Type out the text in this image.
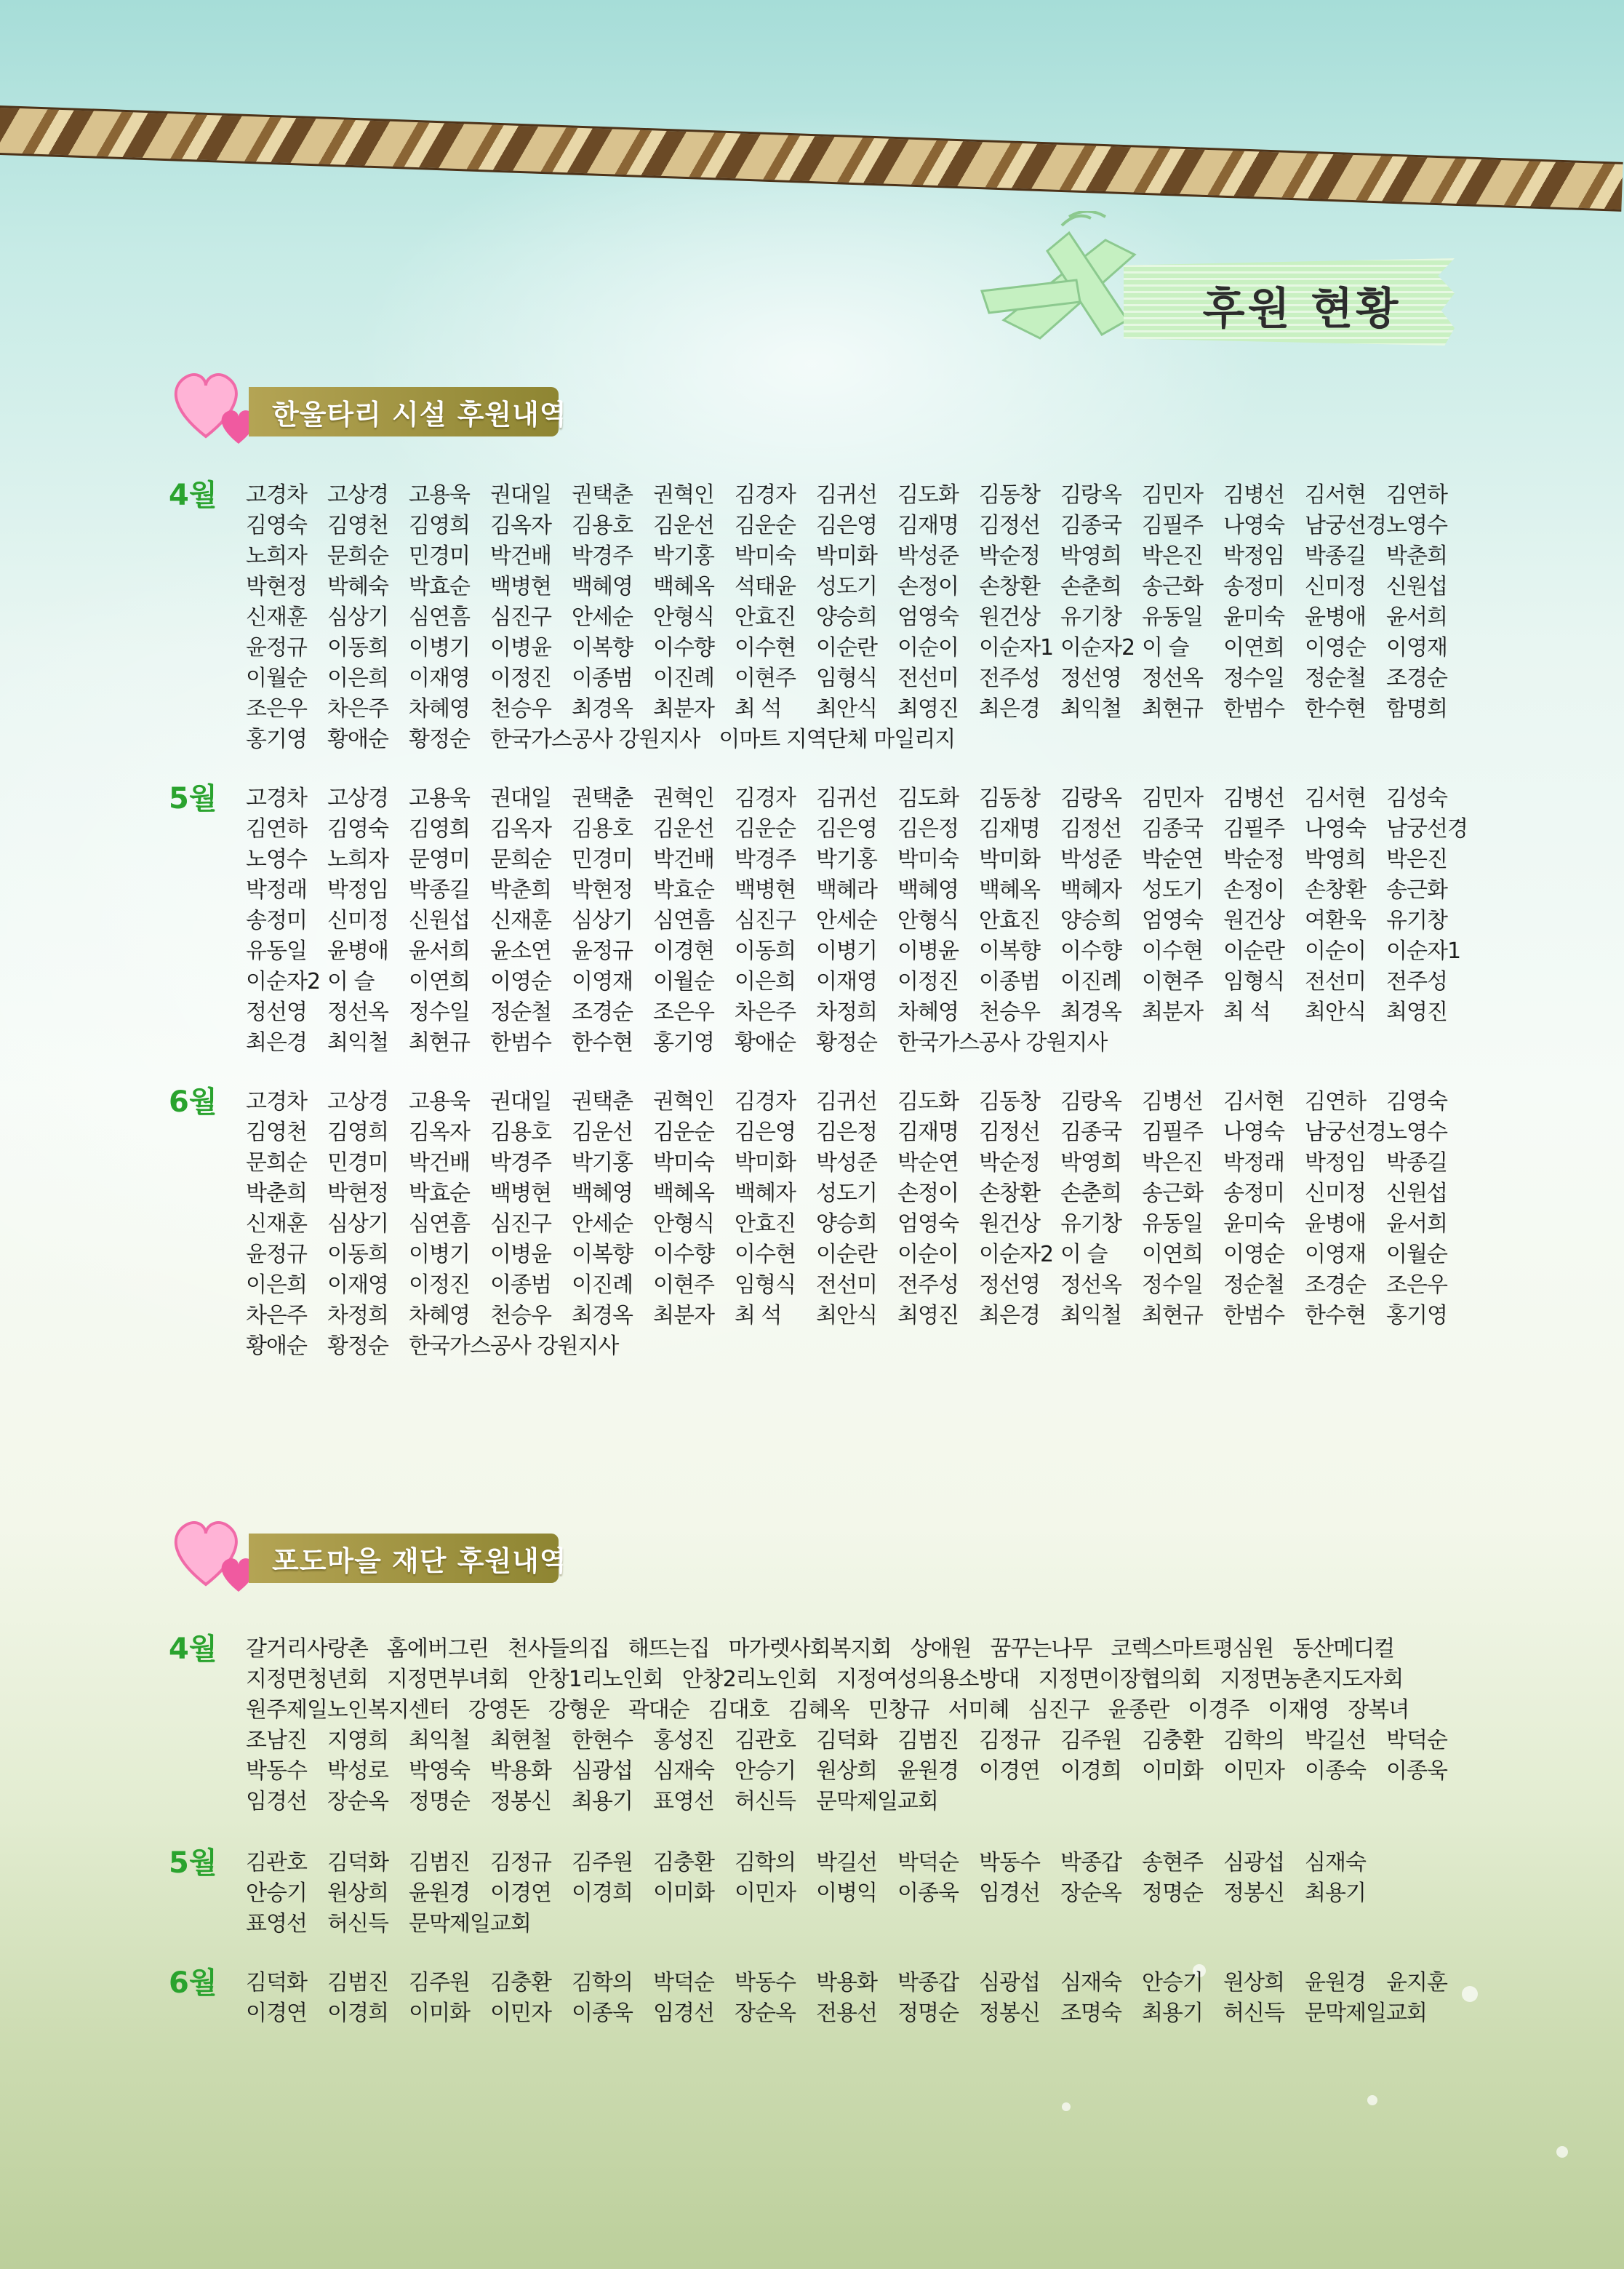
후원 현황
한울타리 시설 후원내역
4월 고경차 고상경 고용욱 권대일 권택춘 권혁인 김경자 김귀선 김도화 김동창 김랑옥 김민자 김병선 김서현 김연하
김영숙 김영천 김영희 김옥자 김용호 김운선 김운순 김은영 김재명 김정선 김종국 김필주 나영숙 남궁선경노영수
노희자 문희순 민경미 박건배 박경주 박기홍 박미숙 박미화 박성준 박순정 박영희 박은진 박정임 박종길 박춘희
박현정 박혜숙 박효순 백병현 백혜영 백혜옥 석태윤 성도기 손정이 손창환 손춘희 송근화 송정미 신미정 신원섭
신재훈 심상기 심연흠 심진구 안세순 안형식 안효진 양승희 엄영숙 원건상 유기창 유동일 윤미숙 윤병애 윤서희
윤정규 이동희 이병기 이병윤 이복향 이수향 이수현 이순란 이순이 이순자1 이순자2 이 슬 이연희 이영순 이영재
이월순 이은희 이재영 이정진 이종범 이진례 이현주 임형식 전선미 전주성 정선영 정선옥 정수일 정순철 조경순
조은우 차은주 차혜영 천승우 최경옥 최분자 최 석 최안식 최영진 최은경 최익철 최현규 한범수 한수현 함명희
홍기영 황애순 황정순 한국가스공사 강원지사 이마트 지역단체 마일리지
5월 고경차 고상경 고용욱 권대일 권택춘 권혁인 김경자 김귀선 김도화 김동창 김랑옥 김민자 김병선 김서현 김성숙
김연하 김영숙 김영희 김옥자 김용호 김운선 김운순 김은영 김은정 김재명 김정선 김종국 김필주 나영숙 남궁선경
노영수 노희자 문영미 문희순 민경미 박건배 박경주 박기홍 박미숙 박미화 박성준 박순연 박순정 박영희 박은진
박정래 박정임 박종길 박춘희 박현정 박효순 백병현 백혜라 백혜영 백혜옥 백혜자 성도기 손정이 손창환 송근화
송정미 신미정 신원섭 신재훈 심상기 심연흠 심진구 안세순 안형식 안효진 양승희 엄영숙 원건상 여환욱 유기창
유동일 윤병애 윤서희 윤소연 윤정규 이경현 이동희 이병기 이병윤 이복향 이수향 이수현 이순란 이순이 이순자1
이순자2 이 슬 이연희 이영순 이영재 이월순 이은희 이재영 이정진 이종범 이진례 이현주 임형식 전선미 전주성
정선영 정선옥 정수일 정순철 조경순 조은우 차은주 차정희 차혜영 천승우 최경옥 최분자 최 석 최안식 최영진
최은경 최익철 최현규 한범수 한수현 홍기영 황애순 황정순 한국가스공사 강원지사
6월 고경차 고상경 고용욱 권대일 권택춘 권혁인 김경자 김귀선 김도화 김동창 김랑옥 김병선 김서현 김연하 김영숙
김영천 김영희 김옥자 김용호 김운선 김운순 김은영 김은정 김재명 김정선 김종국 김필주 나영숙 남궁선경노영수
문희순 민경미 박건배 박경주 박기홍 박미숙 박미화 박성준 박순연 박순정 박영희 박은진 박정래 박정임 박종길
박춘희 박현정 박효순 백병현 백혜영 백혜옥 백혜자 성도기 손정이 손창환 손춘희 송근화 송정미 신미정 신원섭
신재훈 심상기 심연흠 심진구 안세순 안형식 안효진 양승희 엄영숙 원건상 유기창 유동일 윤미숙 윤병애 윤서희
윤정규 이동희 이병기 이병윤 이복향 이수향 이수현 이순란 이순이 이순자2 이 슬 이연희 이영순 이영재 이월순
이은희 이재영 이정진 이종범 이진례 이현주 임형식 전선미 전주성 정선영 정선옥 정수일 정순철 조경순 조은우
차은주 차정희 차혜영 천승우 최경옥 최분자 최 석 최안식 최영진 최은경 최익철 최현규 한범수 한수현 홍기영
황애순 황정순 한국가스공사 강원지사
포도마을 재단 후원내역
4월 갈거리사랑촌 홈에버그린 천사들의집 해뜨는집 마가렛사회복지회 상애원 꿈꾸는나무 코렉스마트평심원 동산메디컬
지정면청년회 지정면부녀회 안창1리노인회 안창2리노인회 지정여성의용소방대 지정면이장협의회 지정면농촌지도자회
원주제일노인복지센터 강영돈 강형운 곽대순 김대호 김혜옥 민창규 서미혜 심진구 윤종란 이경주 이재영 장복녀
조남진 지영희 최익철 최현철 한현수 홍성진 김관호 김덕화 김범진 김정규 김주원 김충환 김학의 박길선 박덕순
박동수 박성로 박영숙 박용화 심광섭 심재숙 안승기 원상희 윤원경 이경연 이경희 이미화 이민자 이종숙 이종욱
임경선 장순옥 정명순 정봉신 최용기 표영선 허신득 문막제일교회
5월 김관호 김덕화 김범진 김정규 김주원 김충환 김학의 박길선 박덕순 박동수 박종갑 송현주 심광섭 심재숙
안승기 원상희 윤원경 이경연 이경희 이미화 이민자 이병익 이종욱 임경선 장순옥 정명순 정봉신 최용기
표영선 허신득 문막제일교회
6월 김덕화 김범진 김주원 김충환 김학의 박덕순 박동수 박용화 박종갑 심광섭 심재숙 안승기 원상희 윤원경 윤지훈
이경연 이경희 이미화 이민자 이종욱 임경선 장순옥 전용선 정명순 정봉신 조명숙 최용기 허신득 문막제일교회
